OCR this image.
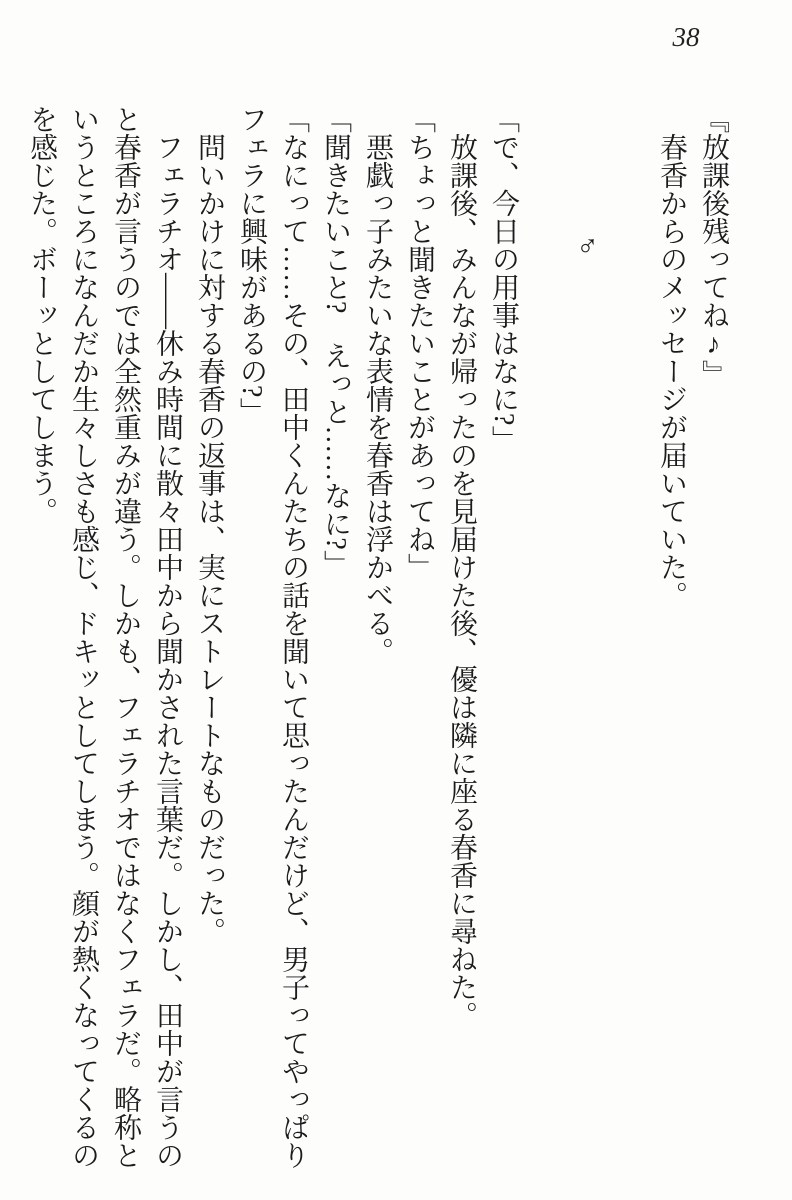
38

『放課後残ってね♪』

春香からのメッセージが届いていた。

♂

「で、今日の用事はなに?」

放課後、みんなが帰ったのを見届けた後、優は隣に座る春香に尋ねた。

「ちょっと聞きたいことがあってね」

悪戯っ子みたいな表情を春香は浮かべる。

「聞きたいこと?　えっと……なに?」

「なにって……その、田中くんたちの話を聞いて思ったんだけど、男子ってやっぱりフェラに興味があるの?」

問いかけに対する春香の返事は、実にストレートなものだった。

フェラチオ――休み時間に散々田中から聞かされた言葉だ。しかし、田中が言うのと春香が言うのでは全然重みが違う。しかも、フェラチオではなくフェラだ。略称というところになんだか生々しさも感じ、ドキッとしてしまう。顔が熱くなってくるのを感じた。ボーッとしてしまう。
